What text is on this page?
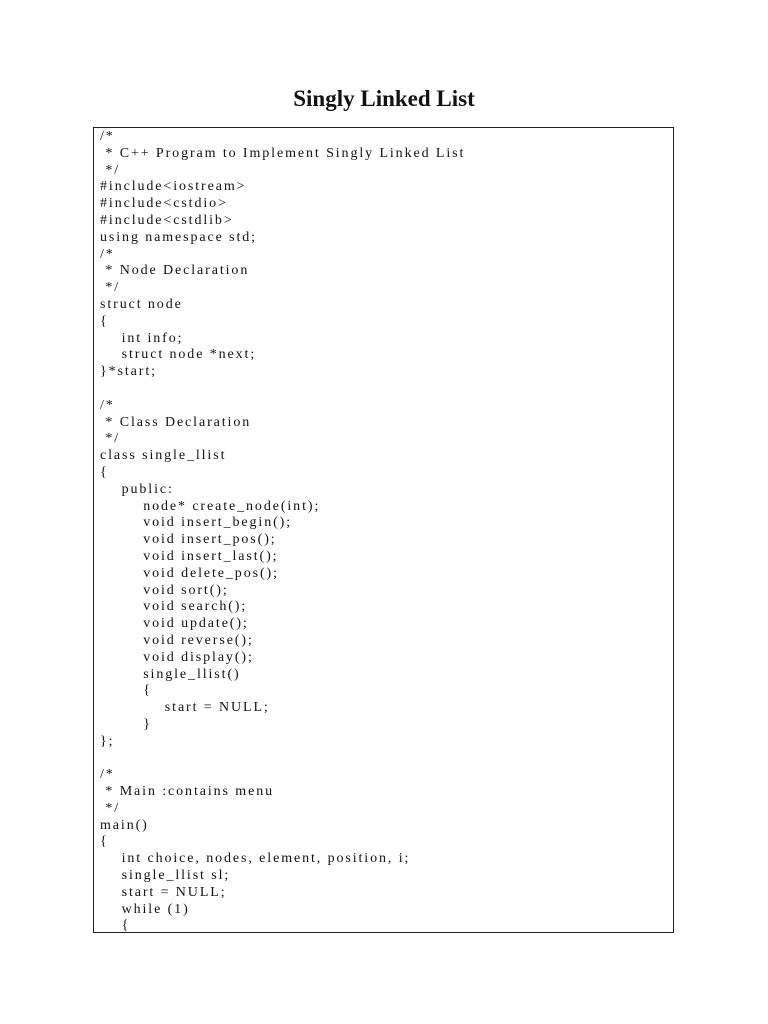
Singly Linked List
/*
* C++ Program to Implement Singly Linked List
*/
#include<iostream>
#include<cstdio>
#include<cstdlib>
using namespace std;
/*
* Node Declaration
*/
struct node
{
int info;
struct node *next;
}*start;
/*
* Class Declaration
*/
class single_llist
{
public:
node* create_node(int);
void insert_begin();
void insert_pos();
void insert_last();
void delete_pos();
void sort();
void search();
void update();
void reverse();
void display();
single_llist()
{
start = NULL;
}
};
/*
* Main :contains menu
*/
main()
{
int choice, nodes, element, position, i;
single_llist sl;
start = NULL;
while (1)
{
